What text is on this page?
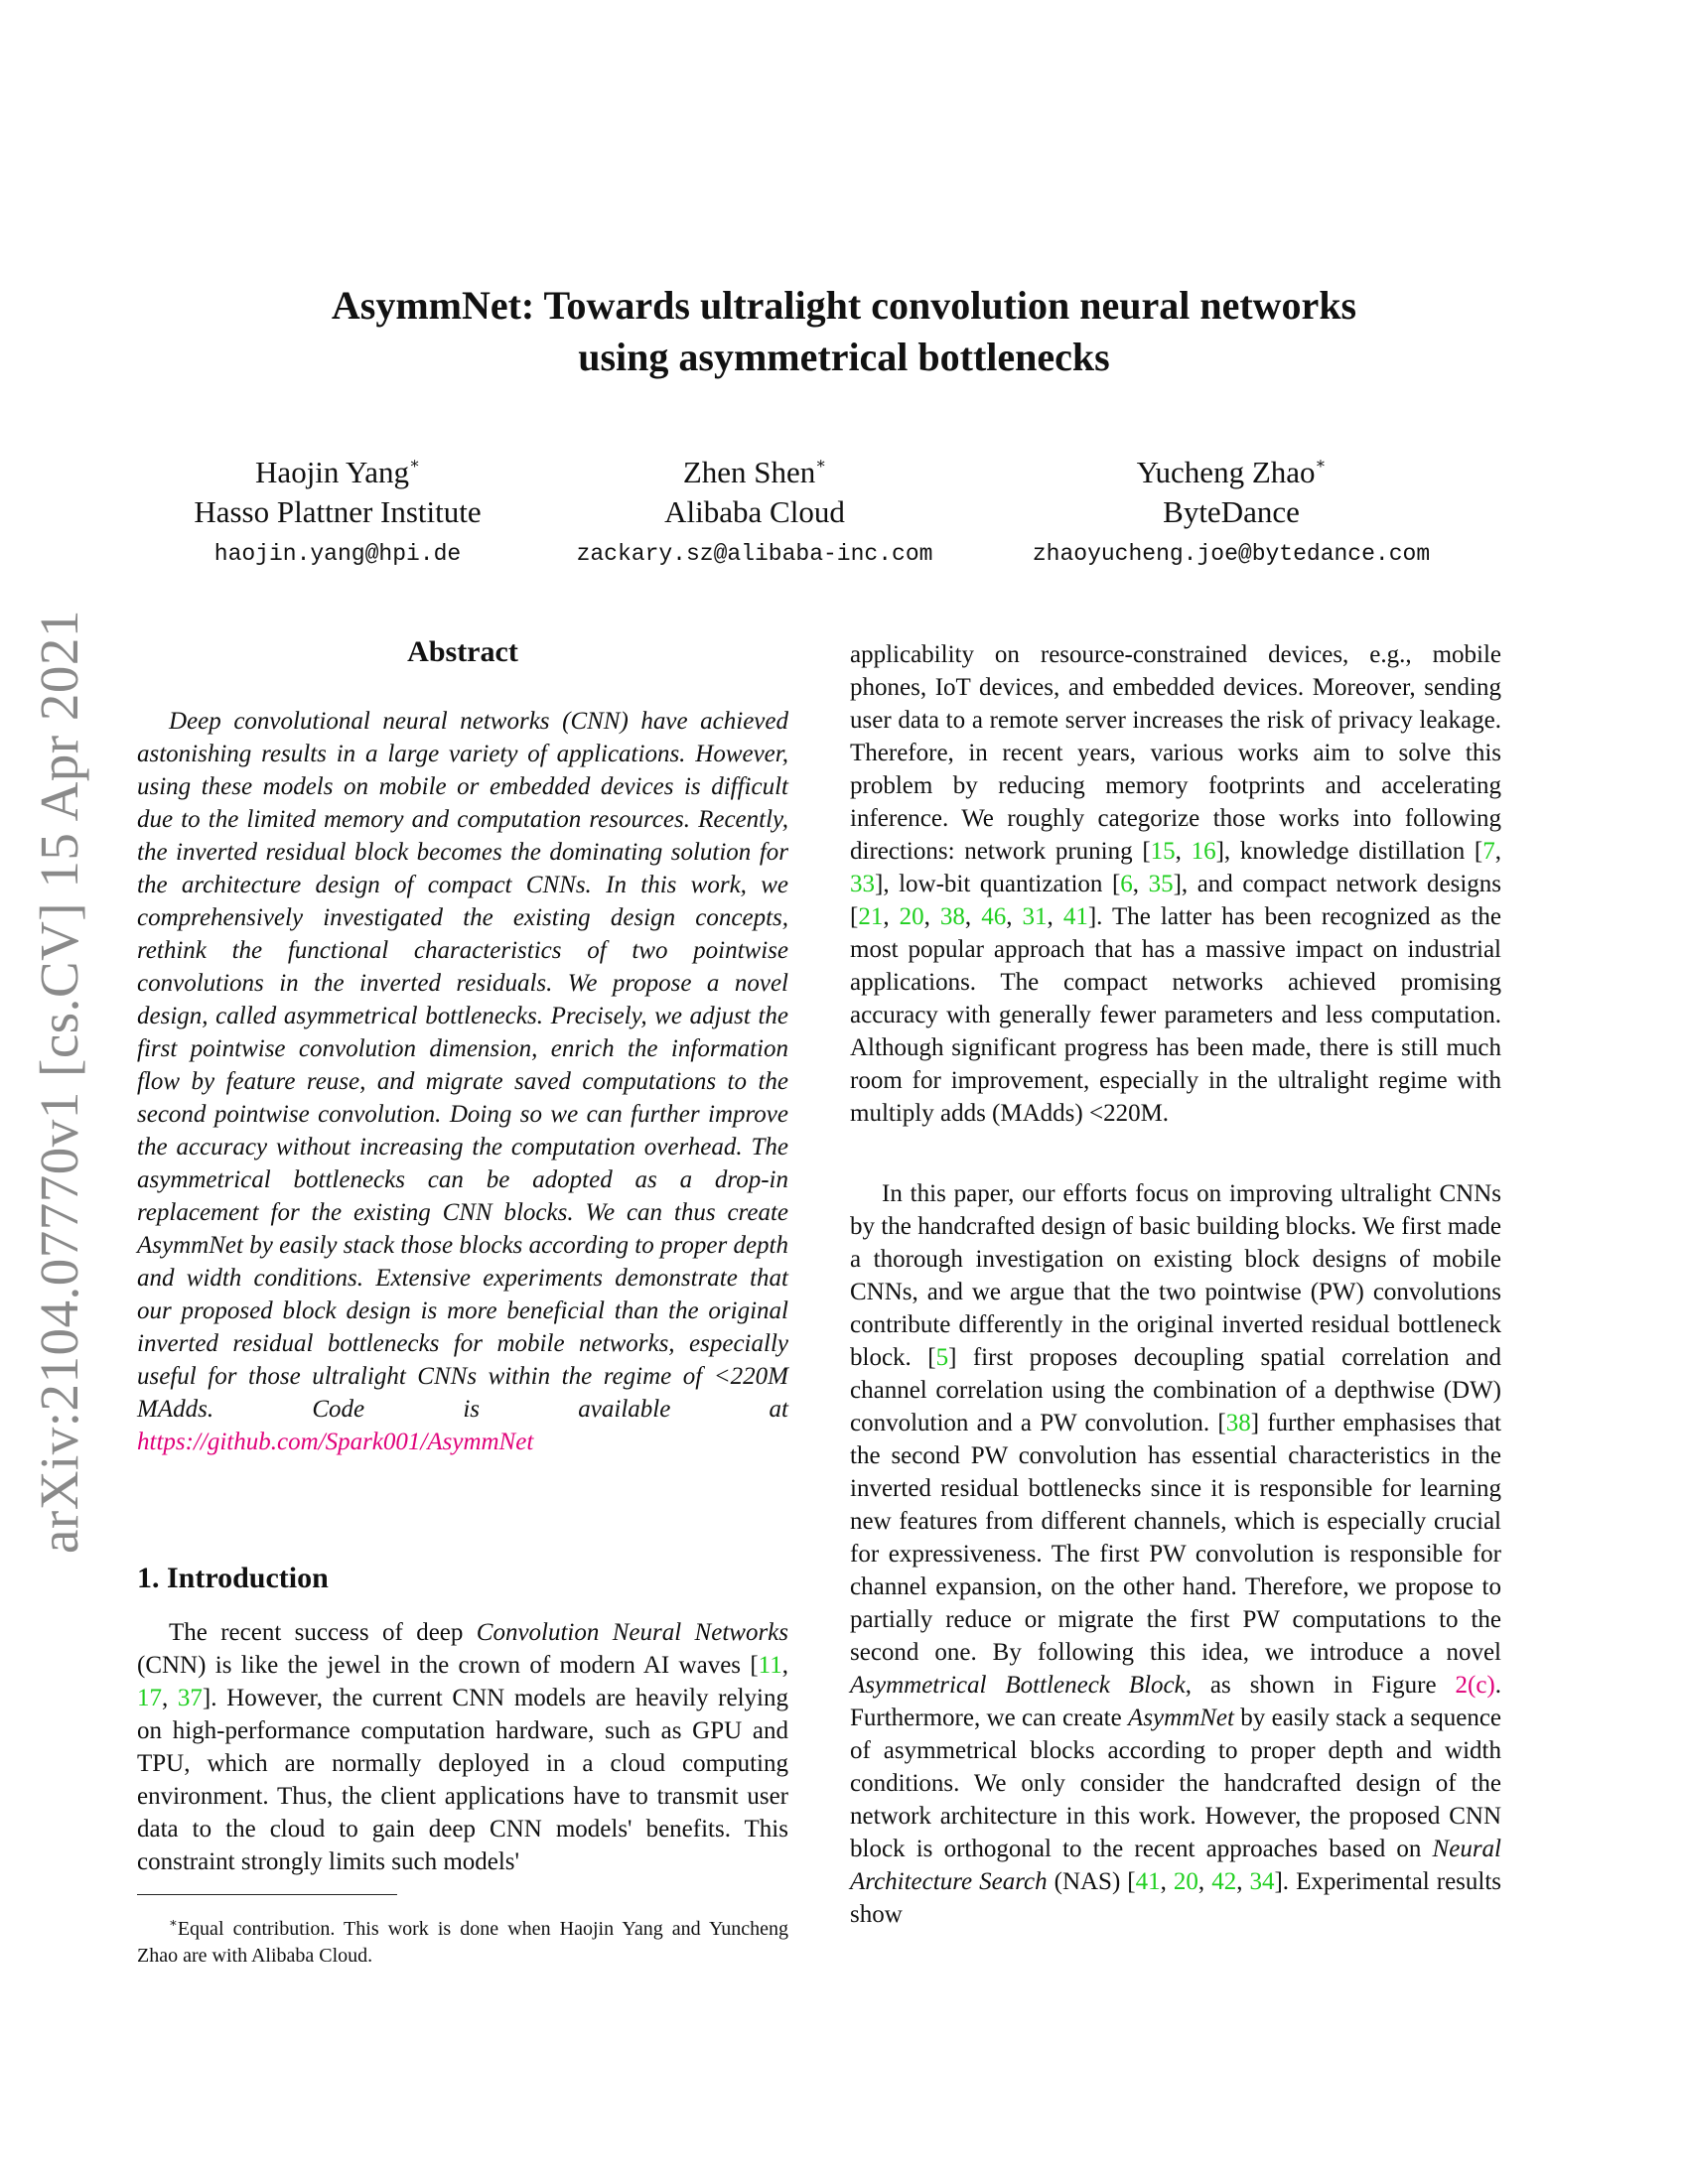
arXiv:2104.07770v1 [cs.CV] 15 Apr 2021
AsymmNet: Towards ultralight convolution neural networks
using asymmetrical bottlenecks
Haojin Yang∗
Hasso Plattner Institute
haojin.yang@hpi.de
Zhen Shen∗
Alibaba Cloud
zackary.sz@alibaba-inc.com
Yucheng Zhao∗
ByteDance
zhaoyucheng.joe@bytedance.com
Abstract
Deep convolutional neural networks (CNN) have achieved astonishing results in a large variety of applications. However, using these models on mobile or embedded devices is difficult due to the limited memory and computation resources. Recently, the inverted residual block becomes the dominating solution for the architecture design of compact CNNs. In this work, we comprehensively investigated the existing design concepts, rethink the functional characteristics of two pointwise convolutions in the inverted residuals. We propose a novel design, called asymmetrical bottlenecks. Precisely, we adjust the first pointwise convolution dimension, enrich the information flow by feature reuse, and migrate saved computations to the second pointwise convolution. Doing so we can further improve the accuracy without increasing the computation overhead. The asymmetrical bottlenecks can be adopted as a drop-in replacement for the existing CNN blocks. We can thus create AsymmNet by easily stack those blocks according to proper depth and width conditions. Extensive experiments demonstrate that our proposed block design is more beneficial than the original inverted residual bottlenecks for mobile networks, especially useful for those ultralight CNNs within the regime of <220M MAdds. Code is available at https://github.com/Spark001/AsymmNet
1. Introduction
The recent success of deep Convolution Neural Networks (CNN) is like the jewel in the crown of modern AI waves [11, 17, 37]. However, the current CNN models are heavily relying on high-performance computation hardware, such as GPU and TPU, which are normally deployed in a cloud computing environment. Thus, the client applications have to transmit user data to the cloud to gain deep CNN models' benefits. This constraint strongly limits such models'
∗Equal contribution. This work is done when Haojin Yang and Yuncheng Zhao are with Alibaba Cloud.

applicability on resource-constrained devices, e.g., mobile phones, IoT devices, and embedded devices. Moreover, sending user data to a remote server increases the risk of privacy leakage. Therefore, in recent years, various works aim to solve this problem by reducing memory footprints and accelerating inference. We roughly categorize those works into following directions: network pruning [15, 16], knowledge distillation [7, 33], low-bit quantization [6, 35], and compact network designs [21, 20, 38, 46, 31, 41]. The latter has been recognized as the most popular approach that has a massive impact on industrial applications. The compact networks achieved promising accuracy with generally fewer parameters and less computation. Although significant progress has been made, there is still much room for improvement, especially in the ultralight regime with multiply adds (MAdds) <220M.

In this paper, our efforts focus on improving ultralight CNNs by the handcrafted design of basic building blocks. We first made a thorough investigation on existing block designs of mobile CNNs, and we argue that the two pointwise (PW) convolutions contribute differently in the original inverted residual bottleneck block. [5] first proposes decoupling spatial correlation and channel correlation using the combination of a depthwise (DW) convolution and a PW convolution. [38] further emphasises that the second PW convolution has essential characteristics in the inverted residual bottlenecks since it is responsible for learning new features from different channels, which is especially crucial for expressiveness. The first PW convolution is responsible for channel expansion, on the other hand. Therefore, we propose to partially reduce or migrate the first PW computations to the second one. By following this idea, we introduce a novel Asymmetrical Bottleneck Block, as shown in Figure 2(c). Furthermore, we can create AsymmNet by easily stack a sequence of asymmetrical blocks according to proper depth and width conditions. We only consider the handcrafted design of the network architecture in this work. However, the proposed CNN block is orthogonal to the recent approaches based on Neural Architecture Search (NAS) [41, 20, 42, 34]. Experimental results show
